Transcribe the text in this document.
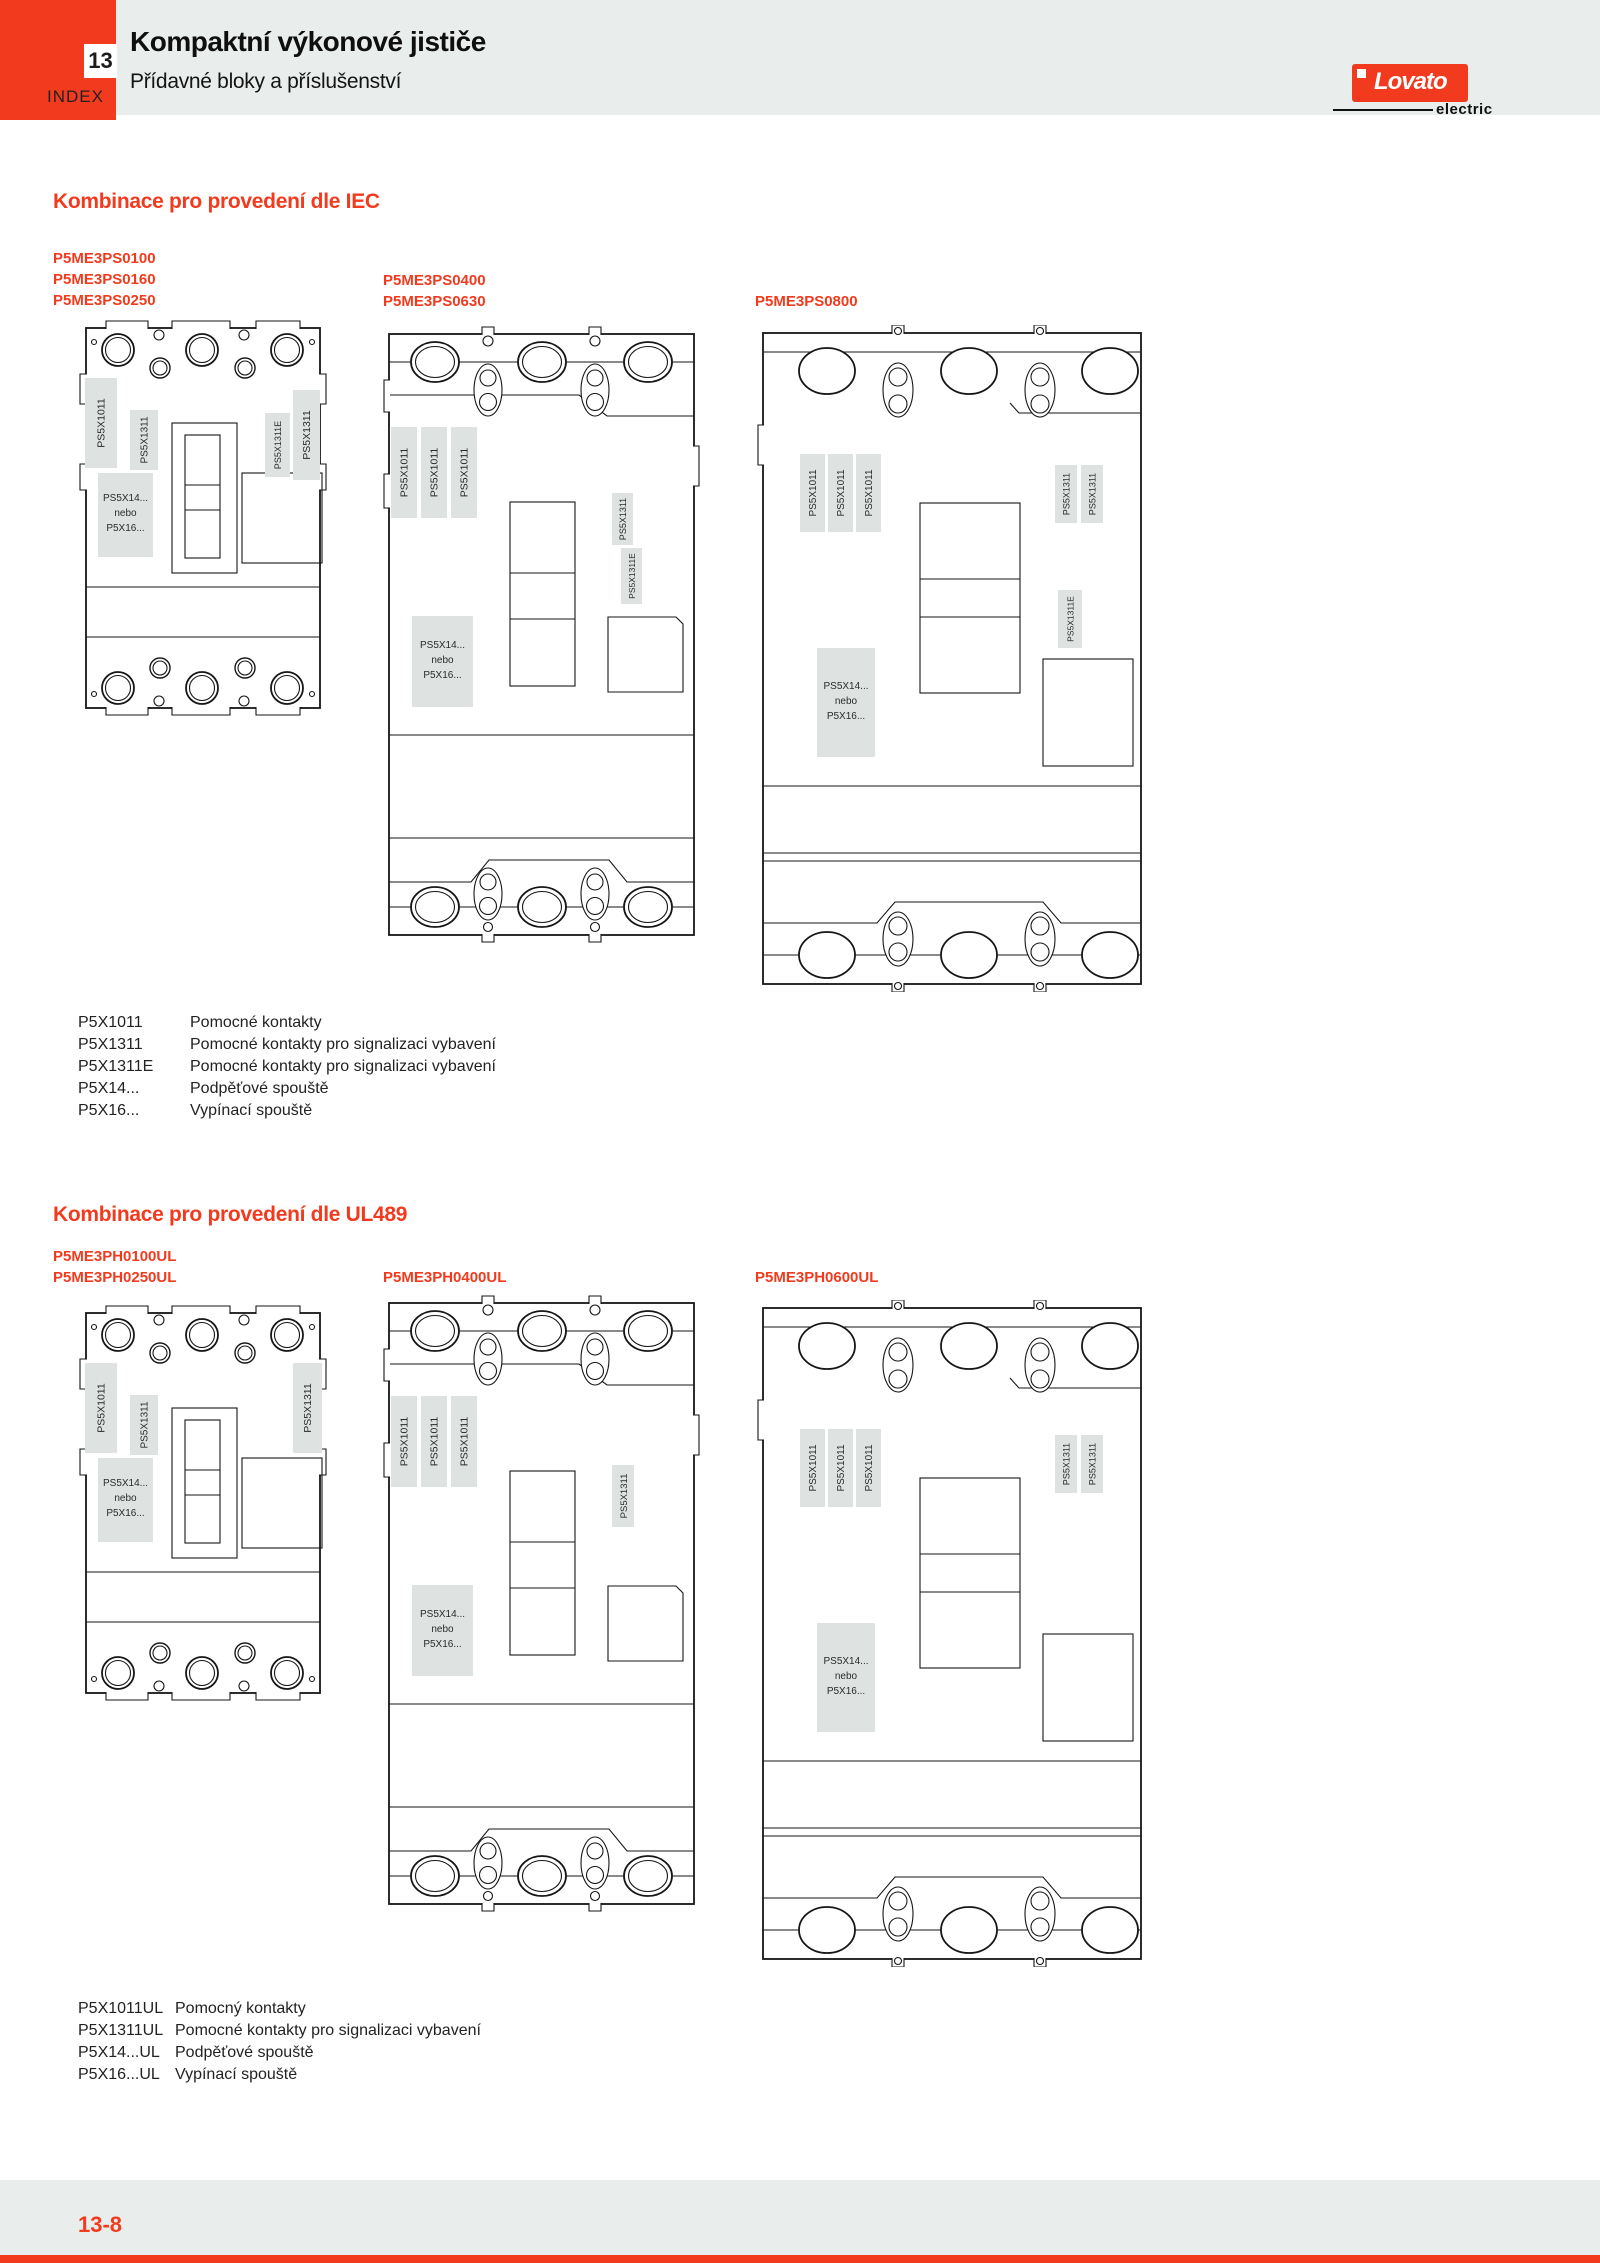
13
INDEX
Kompaktní výkonové jističe
Přídavné bloky a příslušenství	Lovato
electric
Kombinace pro provedení dle IEC
P5ME3PS0100
P5ME3PS0160
P5ME3PS0250
P5ME3PS0400
P5ME3PS0630	P5ME3PS0800
PS5X1011	PS5X1311	PS5X1311E PS5X1311
PS5X14...
nebo
P5X16...
PS5X1011 PS5X1011 PS5X1011
PS5X1311
PS5X1311E
PS5X14...
nebo
P5X16...
PS5X1011 PS5X1011 PS5X1011	PS5X1311 PS5X1311
PS5X1311E
PS5X14...
nebo
P5X16...
P5X1011	Pomocné kontakty
P5X1311	Pomocné kontakty pro signalizaci vybavení
P5X1311E Pomocné kontakty pro signalizaci vybavení
P5X14...	Podpěťové spouště
P5X16...	Vypínací spouště
Kombinace pro provedení dle UL489
P5ME3PH0100UL
P5ME3PH0250UL	P5ME3PH0400UL	P5ME3PH0600UL
PS5X1011	PS5X1311	PS5X1311
PS5X14...
nebo
P5X16...
PS5X1011 PS5X1011 PS5X1011
PS5X1311
PS5X14...
nebo
P5X16...
PS5X1011 PS5X1011 PS5X1011	PS5X1311 PS5X1311
PS5X14...
nebo
P5X16...
P5X1011UL Pomocný kontakty
P5X1311UL Pomocné kontakty pro signalizaci vybavení
P5X14...UL Podpěťové spouště
P5X16...UL Vypínací spouště
13-8
